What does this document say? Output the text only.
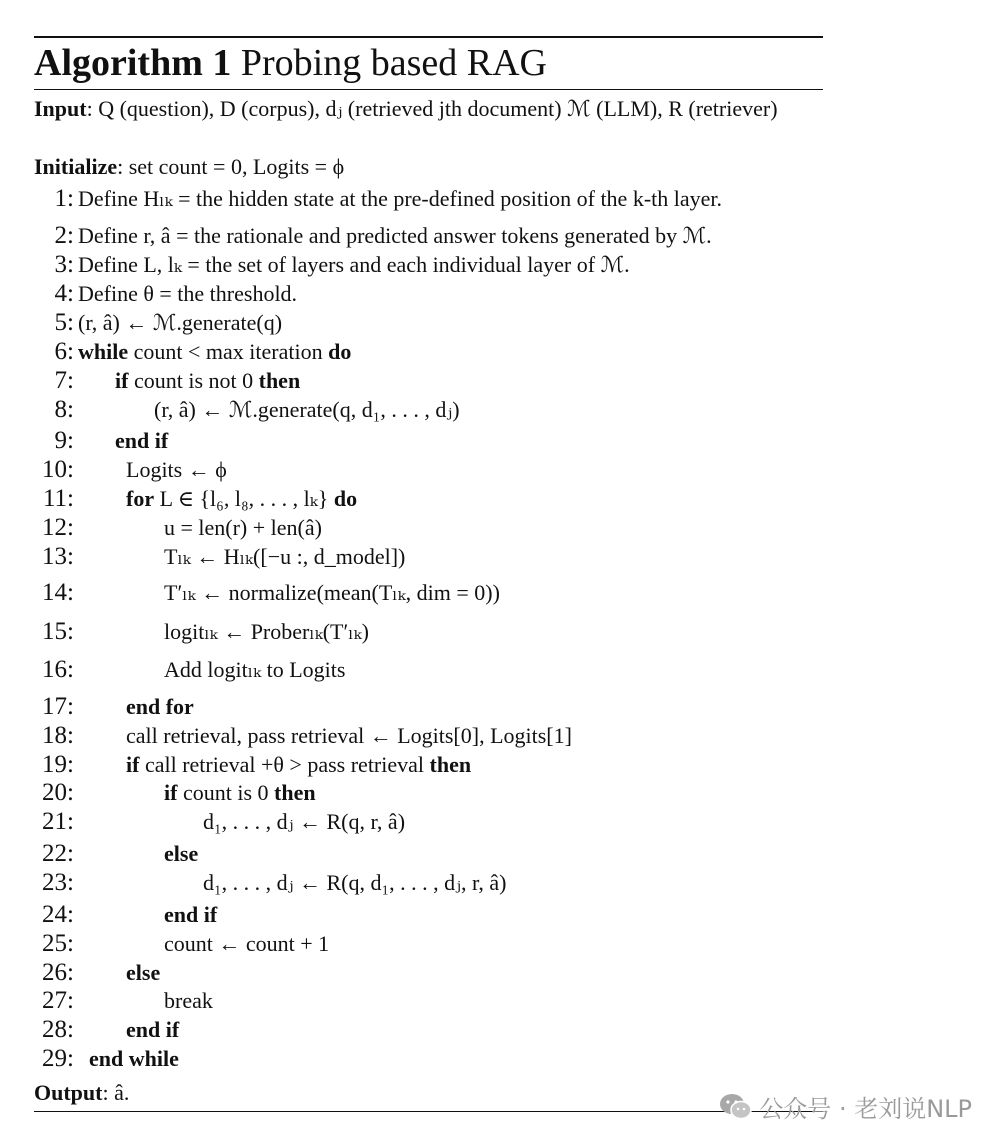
Algorithm 1 Probing based RAG
Input: Q (question), D (corpus), dⱼ (retrieved jth document) ℳ (LLM), R (retriever)
Initialize: set count = 0, Logits = ϕ
1: Define Hₗₖ = the hidden state at the pre-defined position of the k-th layer.
2: Define r, â = the rationale and predicted answer tokens generated by ℳ.
3: Define L, lₖ = the set of layers and each individual layer of ℳ.
4: Define θ = the threshold.
5: (r, â) ← ℳ.generate(q)
6: while count < max iteration do
7: if count is not 0 then
8:	(r, â) ← ℳ.generate(q, d₁, . . . , dⱼ)
9: end if
10: Logits ← ϕ
11: for L ∈ {l₆, l₈, . . . , lₖ} do
12:	u = len(r) + len(â)
13:	Tₗₖ ← Hₗₖ([−u :, d_model])
14:	T′ₗₖ ← normalize(mean(Tₗₖ, dim = 0))
15:	logitₗₖ ← Proberₗₖ(T′ₗₖ)
16:	Add logitₗₖ to Logits
17: end for
18: call retrieval, pass retrieval ← Logits[0], Logits[1]
19: if call retrieval +θ > pass retrieval then
20:	if count is 0 then
21:	d₁, . . . , dⱼ ← R(q, r, â)
22:	else
23:	d₁, . . . , dⱼ ← R(q, d₁, . . . , dⱼ, r, â)
24:	end if
25:	count ← count + 1
26: else
27:	break
28: end if
29: end while
Output: â.
公众号 · 老刘说NLP
